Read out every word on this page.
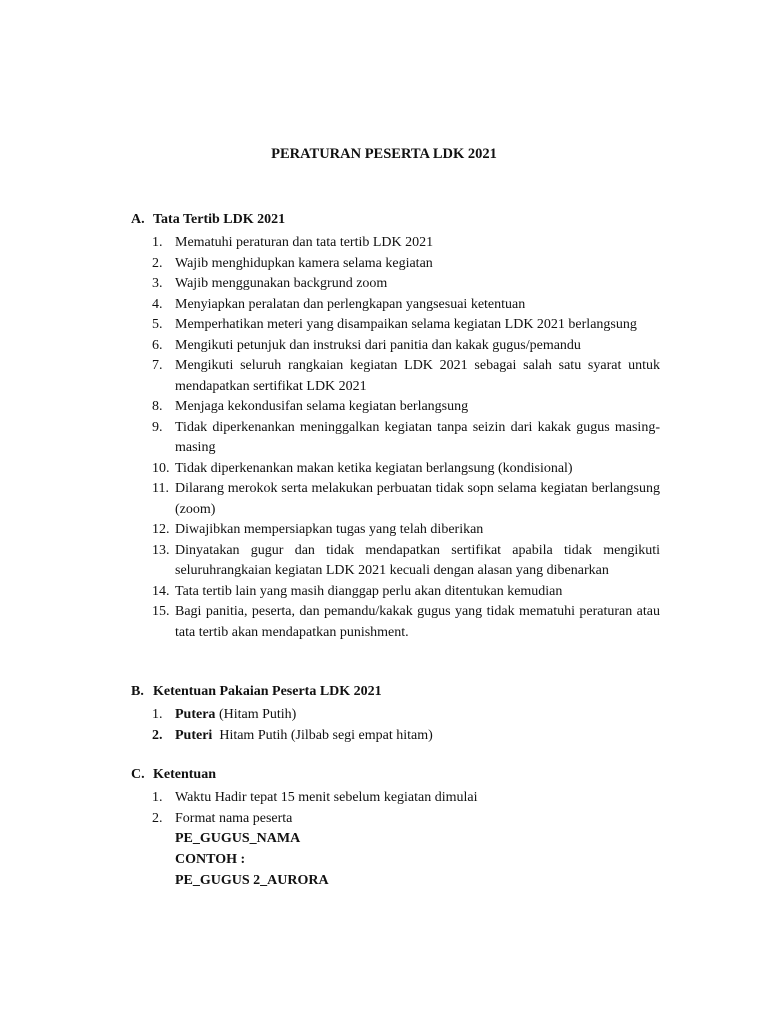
PERATURAN PESERTA LDK 2021
A. Tata Tertib LDK 2021
1. Mematuhi peraturan dan tata tertib LDK 2021
2. Wajib menghidupkan kamera selama kegiatan
3. Wajib menggunakan backgrund zoom
4. Menyiapkan peralatan dan perlengkapan yangsesuai ketentuan
5. Memperhatikan meteri yang disampaikan selama kegiatan LDK 2021 berlangsung
6. Mengikuti petunjuk dan instruksi dari panitia dan kakak gugus/pemandu
7. Mengikuti seluruh rangkaian kegiatan LDK 2021 sebagai salah satu syarat untuk mendapatkan sertifikat LDK 2021
8. Menjaga kekondusifan selama kegiatan berlangsung
9. Tidak diperkenankan meninggalkan kegiatan tanpa seizin dari kakak gugus masing-masing
10. Tidak diperkenankan makan ketika kegiatan berlangsung (kondisional)
11. Dilarang merokok serta melakukan perbuatan tidak sopn selama kegiatan berlangsung (zoom)
12. Diwajibkan mempersiapkan tugas yang telah diberikan
13. Dinyatakan gugur dan tidak mendapatkan sertifikat apabila tidak mengikuti seluruhrangkaian kegiatan LDK 2021 kecuali dengan alasan yang dibenarkan
14. Tata tertib lain yang masih dianggap perlu akan ditentukan kemudian
15. Bagi panitia, peserta, dan pemandu/kakak gugus yang tidak mematuhi peraturan atau tata tertib akan mendapatkan punishment.
B. Ketentuan Pakaian Peserta LDK 2021
1. Putera (Hitam Putih)
2. Puteri  Hitam Putih (Jilbab segi empat hitam)
C. Ketentuan
1. Waktu Hadir tepat 15 menit sebelum kegiatan dimulai
2. Format nama peserta
PE_GUGUS_NAMA
CONTOH :
PE_GUGUS 2_AURORA
